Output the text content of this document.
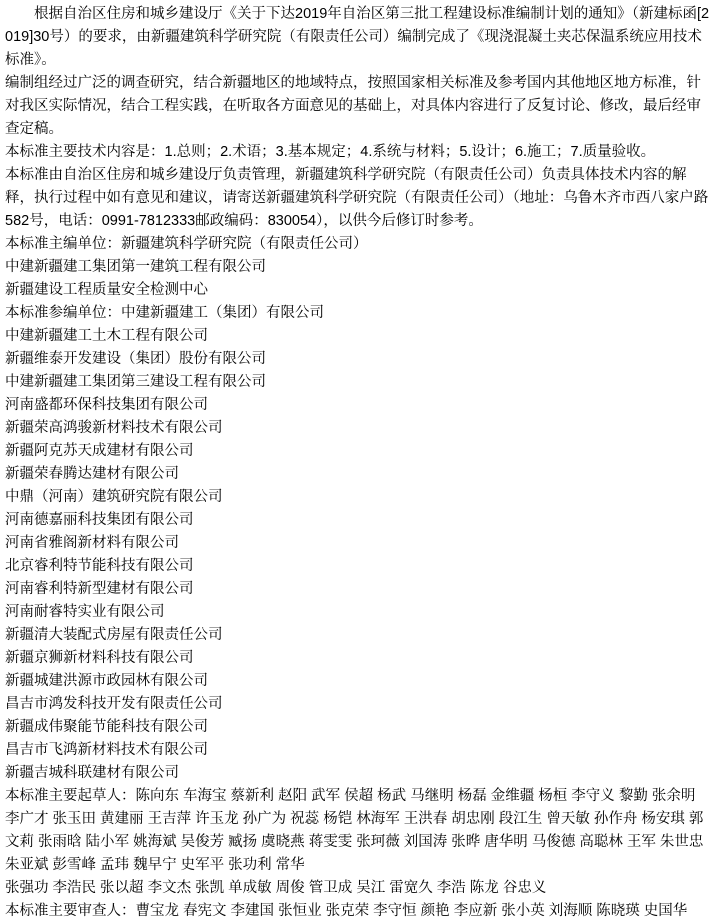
根据自治区住房和城乡建设厅《关于下达2019年自治区第三批工程建设标准编制计划的通知》（新建标函[2019]30号）的要求，由新疆建筑科学研究院（有限责任公司）编制完成了《现浇混凝土夹芯保温系统应用技术标准》。

编制组经过广泛的调查研究，结合新疆地区的地域特点，按照国家相关标准及参考国内其他地区地方标准，针对我区实际情况，结合工程实践，在听取各方面意见的基础上，对具体内容进行了反复讨论、修改，最后经审查定稿。

本标准主要技术内容是：1.总则；2.术语；3.基本规定；4.系统与材料；5.设计；6.施工；7.质量验收。

本标准由自治区住房和城乡建设厅负责管理，新疆建筑科学研究院（有限责任公司）负责具体技术内容的解释，执行过程中如有意见和建议，请寄送新疆建筑科学研究院（有限责任公司）（地址：乌鲁木齐市西八家户路582号，电话：0991-7812333邮政编码：830054），以供今后修订时参考。

本标准主编单位：新疆建筑科学研究院（有限责任公司）

中建新疆建工集团第一建筑工程有限公司

新疆建设工程质量安全检测中心

本标准参编单位：中建新疆建工（集团）有限公司

中建新疆建工土木工程有限公司

新疆维泰开发建设（集团）股份有限公司

中建新疆建工集团第三建设工程有限公司

河南盛都环保科技集团有限公司

新疆荣高鸿骏新材料技术有限公司

新疆阿克苏天成建材有限公司

新疆荣春腾达建材有限公司

中鼎（河南）建筑研究院有限公司

河南德嘉丽科技集团有限公司

河南省雅阁新材料有限公司

北京睿利特节能科技有限公司

河南睿利特新型建材有限公司

河南耐睿特实业有限公司

新疆清大装配式房屋有限责任公司

新疆京狮新材料科技有限公司

新疆城建洪源市政园林有限公司

昌吉市鸿发科技开发有限责任公司

新疆成伟聚能节能科技有限公司

昌吉市飞鸿新材料技术有限公司

新疆吉城科联建材有限公司

本标准主要起草人：陈向东 车海宝 蔡新利 赵阳 武军 侯超 杨武 马继明 杨磊 金维疆 杨桓 李守义 黎勤 张余明 李广才 张玉田 黄建丽 王吉萍 许玉龙 孙广为 祝蕊 杨铠 林海军 王洪春 胡忠刚 段江生 曾天敏 孙作舟 杨安琪 郭文莉 张雨晗 陆小军 姚海斌 吴俊芳 臧扬 虞晓燕 蒋雯雯 张珂薇 刘国涛 张晔 唐华明 马俊德 高聪林 王军 朱世忠 朱亚斌 彭雪峰 孟玮 魏早宁 史军平 张功利 常华

张强功 李浩民 张以超 李文杰 张凯 单成敏 周俊 管卫成 吴江 雷宽久 李浩 陈龙 谷忠义

本标准主要审查人：曹宝龙 春宪文 李建国 张恒业 张克荣 李守恒 颜艳 李应新 张小英 刘海顺 陈晓瑛 史国华
